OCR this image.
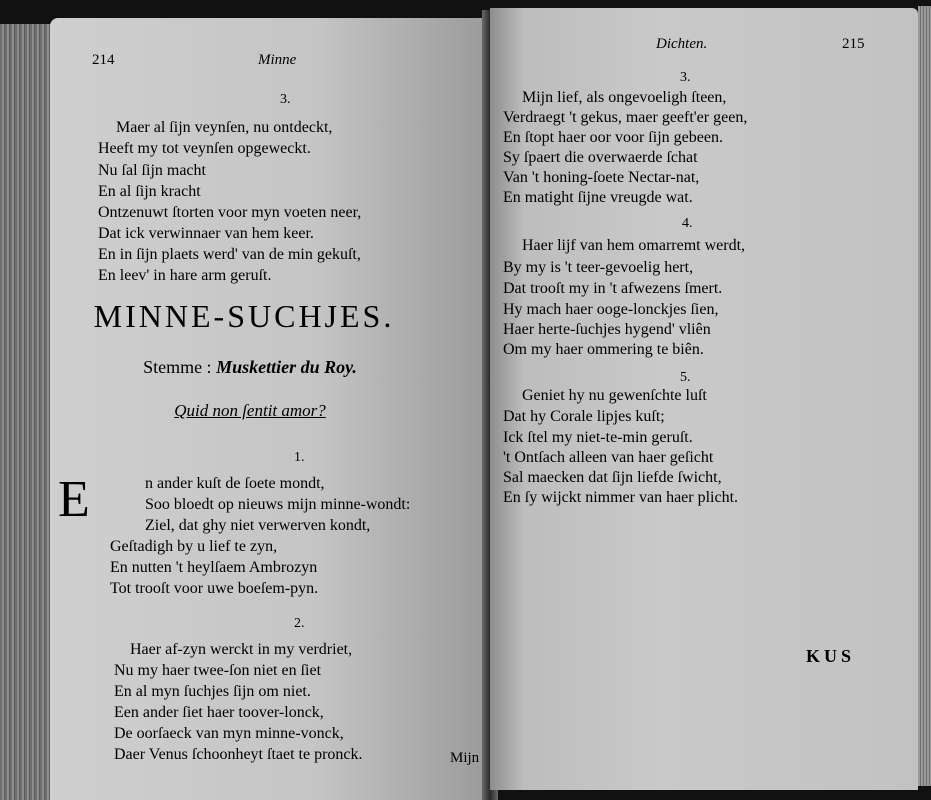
214	Minne
3.
Maer al ſijn veynſen, nu ontdeckt,
Heeft my tot veynſen opgeweckt.
Nu ſal ſijn macht
En al ſijn kracht
Ontzenuwt ſtorten voor myn voeten neer,
Dat ick verwinnaer van hem keer.
En in ſijn plaets werd' van de min gekuſt,
En leev' in hare arm geruſt.
MINNE-SUCHJES.
Stemme : Muskettier du Roy.
Quid non ſentit amor?
1.
E	n ander kuſt de ſoete mondt,
Soo bloedt op nieuws mijn minne-wondt:
Ziel, dat ghy niet verwerven kondt,
Geſtadigh by u lief te zyn,
En nutten 't heylſaem Ambrozyn
Tot trooſt voor uwe boeſem-pyn.
2.
Haer af-zyn werckt in my verdriet,
Nu my haer twee-ſon niet en ſiet
En al myn ſuchjes ſijn om niet.
Een ander ſiet haer toover-lonck,
De oorſaeck van myn minne-vonck,
Daer Venus ſchoonheyt ſtaet te pronck.	Mijn
Dichten.	215
3.
Mijn lief, als ongevoeligh ſteen,
Verdraegt 't gekus, maer geeft'er geen,
En ſtopt haer oor voor ſijn gebeen.
Sy ſpaert die overwaerde ſchat
Van 't honing-ſoete Nectar-nat,
En matight ſijne vreugde wat.
4.
Haer lijf van hem omarremt werdt,
By my is 't teer-gevoelig hert,
Dat trooſt my in 't afwezens ſmert.
Hy mach haer ooge-lonckjes ſien,
Haer herte-ſuchjes hygend' vliên
Om my haer ommering te biên.
5.
Geniet hy nu gewenſchte luſt
Dat hy Corale lipjes kuſt;
Ick ſtel my niet-te-min geruſt.
't Ontſach alleen van haer geſicht
Sal maecken dat ſijn liefde ſwicht,
En ſy wijckt nimmer van haer plicht.
KUS
